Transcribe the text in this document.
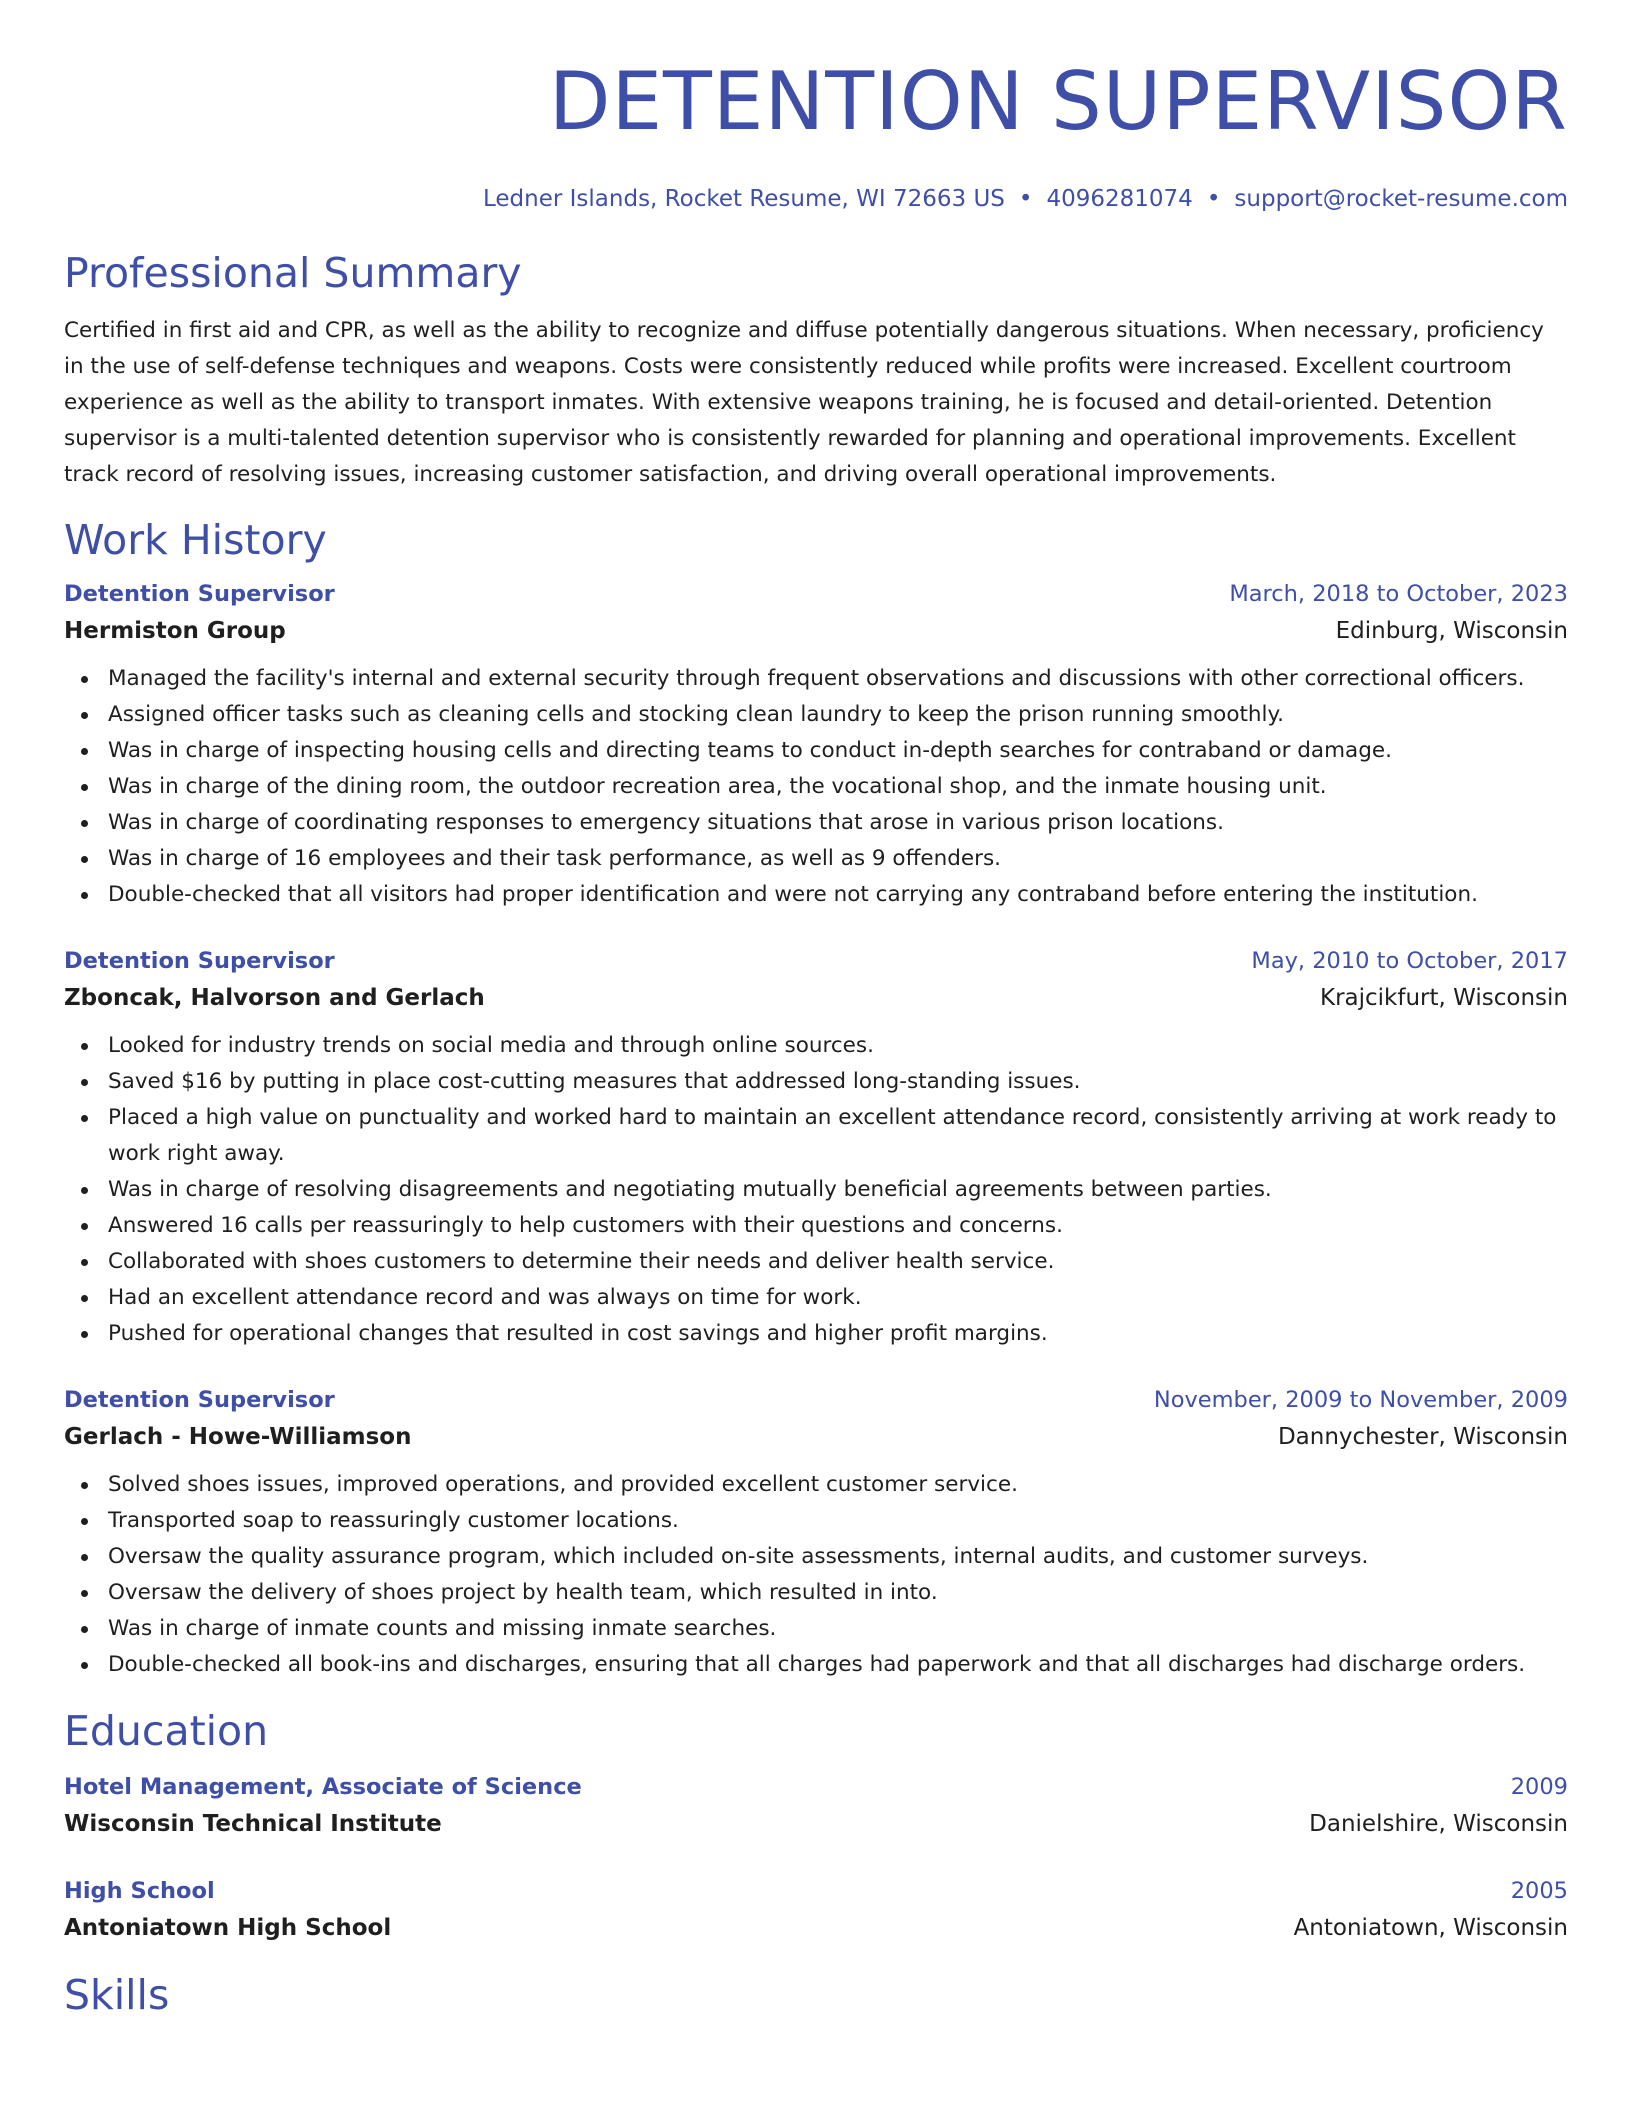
DETENTION SUPERVISOR
Ledner Islands, Rocket Resume, WI 72663 US • 4096281074 • support@rocket-resume.com
Professional Summary

Certified in first aid and CPR, as well as the ability to recognize and diffuse potentially dangerous situations. When necessary, proficiency in the use of self-defense techniques and weapons. Costs were consistently reduced while profits were increased. Excellent courtroom experience as well as the ability to transport inmates. With extensive weapons training, he is focused and detail-oriented. Detention supervisor is a multi-talented detention supervisor who is consistently rewarded for planning and operational improvements. Excellent track record of resolving issues, increasing customer satisfaction, and driving overall operational improvements.

Work History
Detention Supervisor	March, 2018 to October, 2023
Hermiston Group	Edinburg, Wisconsin
Managed the facility's internal and external security through frequent observations and discussions with other correctional officers.
Assigned officer tasks such as cleaning cells and stocking clean laundry to keep the prison running smoothly.
Was in charge of inspecting housing cells and directing teams to conduct in-depth searches for contraband or damage.
Was in charge of the dining room, the outdoor recreation area, the vocational shop, and the inmate housing unit.
Was in charge of coordinating responses to emergency situations that arose in various prison locations.
Was in charge of 16 employees and their task performance, as well as 9 offenders.
Double-checked that all visitors had proper identification and were not carrying any contraband before entering the institution.
Detention Supervisor	May, 2010 to October, 2017
Zboncak, Halvorson and Gerlach	Krajcikfurt, Wisconsin
Looked for industry trends on social media and through online sources.
Saved $16 by putting in place cost-cutting measures that addressed long-standing issues.
Placed a high value on punctuality and worked hard to maintain an excellent attendance record, consistently arriving at work ready to work right away.
Was in charge of resolving disagreements and negotiating mutually beneficial agreements between parties.
Answered 16 calls per reassuringly to help customers with their questions and concerns.
Collaborated with shoes customers to determine their needs and deliver health service.
Had an excellent attendance record and was always on time for work.
Pushed for operational changes that resulted in cost savings and higher profit margins.
Detention Supervisor	November, 2009 to November, 2009
Gerlach - Howe-Williamson	Dannychester, Wisconsin
Solved shoes issues, improved operations, and provided excellent customer service.
Transported soap to reassuringly customer locations.
Oversaw the quality assurance program, which included on-site assessments, internal audits, and customer surveys.
Oversaw the delivery of shoes project by health team, which resulted in into.
Was in charge of inmate counts and missing inmate searches.
Double-checked all book-ins and discharges, ensuring that all charges had paperwork and that all discharges had discharge orders.
Education
Hotel Management, Associate of Science	2009
Wisconsin Technical Institute	Danielshire, Wisconsin
High School	2005
Antoniatown High School	Antoniatown, Wisconsin
Skills
